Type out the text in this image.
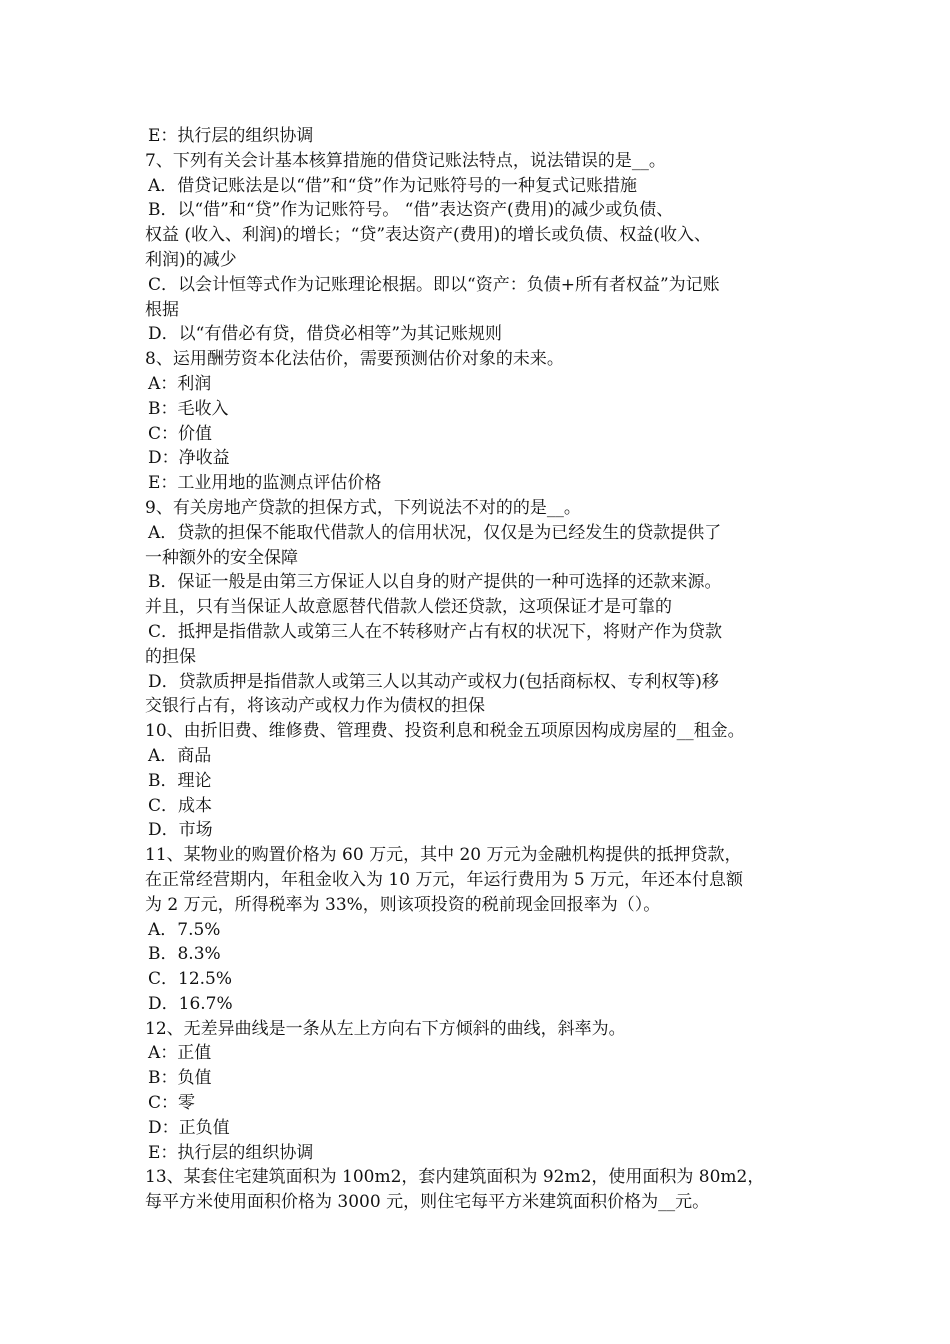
E：执行层的组织协调
7、下列有关会计基本核算措施的借贷记账法特点，说法错误的是__。
A．借贷记账法是以“借”和“贷”作为记账符号的一种复式记账措施
B．以“借”和“贷”作为记账符号。 “借”表达资产(费用)的减少或负债、
权益 (收入、利润)的增长；“贷”表达资产(费用)的增长或负债、权益(收入、
利润)的减少
C．以会计恒等式作为记账理论根据。即以“资产：负债+所有者权益”为记账
根据
D．以“有借必有贷，借贷必相等”为其记账规则
8、运用酬劳资本化法估价，需要预测估价对象的未来。
A：利润
B：毛收入
C：价值
D：净收益
E：工业用地的监测点评估价格
9、有关房地产贷款的担保方式，下列说法不对的的是__。
A．贷款的担保不能取代借款人的信用状况，仅仅是为已经发生的贷款提供了
一种额外的安全保障
B．保证一般是由第三方保证人以自身的财产提供的一种可选择的还款来源。
并且，只有当保证人故意愿替代借款人偿还贷款，这项保证才是可靠的
C．抵押是指借款人或第三人在不转移财产占有权的状况下，将财产作为贷款
的担保
D．贷款质押是指借款人或第三人以其动产或权力(包括商标权、专利权等)移
交银行占有，将该动产或权力作为债权的担保
10、由折旧费、维修费、管理费、投资利息和税金五项原因构成房屋的__租金。
A．商品
B．理论
C．成本
D．市场
11、某物业的购置价格为 60 万元，其中 20 万元为金融机构提供的抵押贷款，
在正常经营期内，年租金收入为 10 万元，年运行费用为 5 万元，年还本付息额
为 2 万元，所得税率为 33%，则该项投资的税前现金回报率为（）。
A．7.5%
B．8.3%
C．12.5%
D．16.7%
12、无差异曲线是一条从左上方向右下方倾斜的曲线，斜率为。
A：正值
B：负值
C：零
D：正负值
E：执行层的组织协调
13、某套住宅建筑面积为 100m2，套内建筑面积为 92m2，使用面积为 80m2，
每平方米使用面积价格为 3000 元，则住宅每平方米建筑面积价格为__元。
